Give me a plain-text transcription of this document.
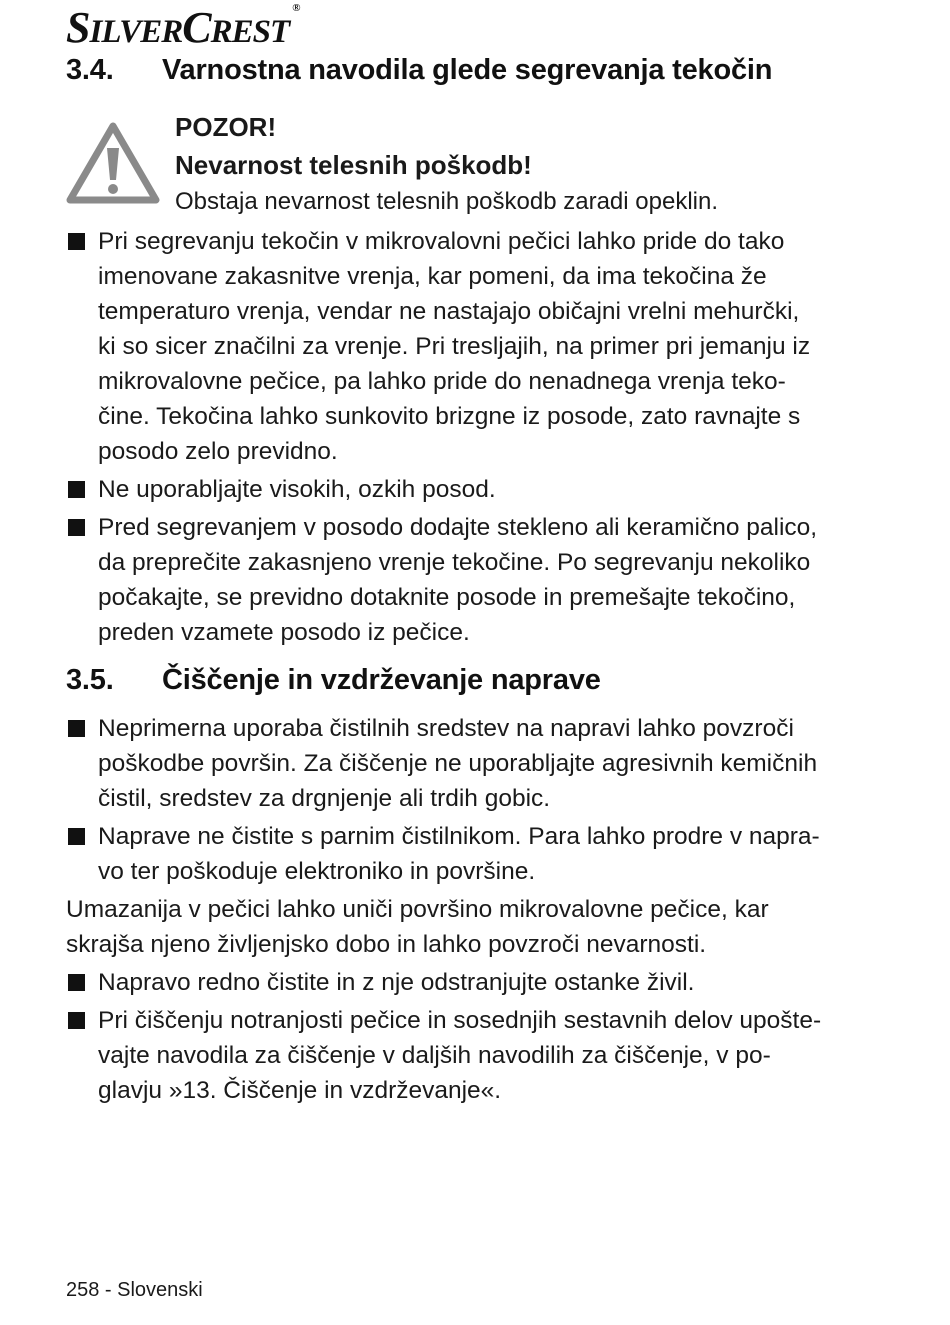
SILVERCREST®
3.4. Varnostna navodila glede segrevanja tekočin
POZOR!
Nevarnost telesnih poškodb!
Obstaja nevarnost telesnih poškodb zaradi opeklin.
Pri segrevanju tekočin v mikrovalovni pečici lahko pride do tako
imenovane zakasnitve vrenja, kar pomeni, da ima tekočina že
temperaturo vrenja, vendar ne nastajajo običajni vrelni mehurčki,
ki so sicer značilni za vrenje. Pri tresljajih, na primer pri jemanju iz
mikrovalovne pečice, pa lahko pride do nenadnega vrenja teko-
čine. Tekočina lahko sunkovito brizgne iz posode, zato ravnajte s
posodo zelo previdno.
Ne uporabljajte visokih, ozkih posod.
Pred segrevanjem v posodo dodajte stekleno ali keramično palico,
da preprečite zakasnjeno vrenje tekočine. Po segrevanju nekoliko
počakajte, se previdno dotaknite posode in premešajte tekočino,
preden vzamete posodo iz pečice.
3.5. Čiščenje in vzdrževanje naprave
Neprimerna uporaba čistilnih sredstev na napravi lahko povzroči
poškodbe površin. Za čiščenje ne uporabljajte agresivnih kemičnih
čistil, sredstev za drgnjenje ali trdih gobic.
Naprave ne čistite s parnim čistilnikom. Para lahko prodre v napra-
vo ter poškoduje elektroniko in površine.
Umazanija v pečici lahko uniči površino mikrovalovne pečice, kar
skrajša njeno življenjsko dobo in lahko povzroči nevarnosti.
Napravo redno čistite in z nje odstranjujte ostanke živil.
Pri čiščenju notranjosti pečice in sosednjih sestavnih delov upošte-
vajte navodila za čiščenje v daljših navodilih za čiščenje, v po-
glavju »13. Čiščenje in vzdrževanje«.
258 - Slovenski
